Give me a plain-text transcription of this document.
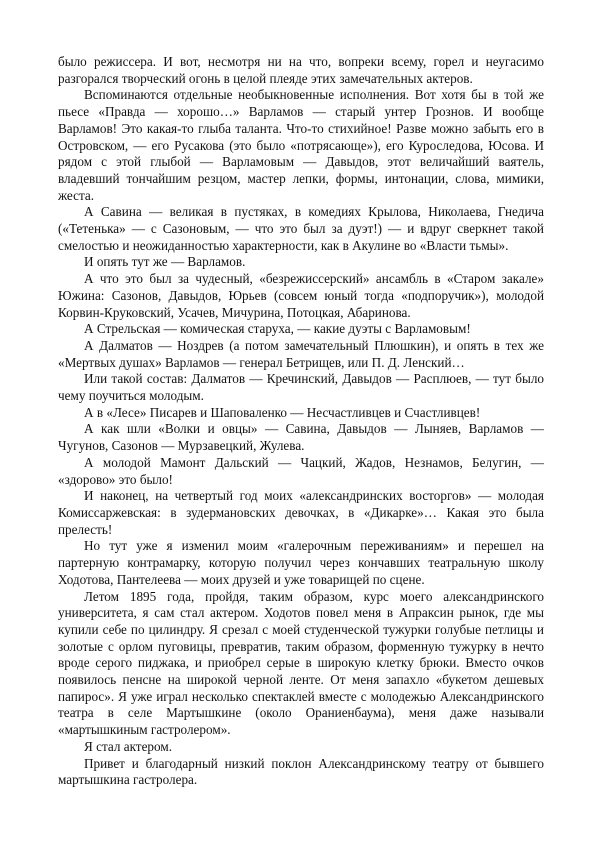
было режиссера. И вот, несмотря ни на что, вопреки всему, горел и неугасимо разгорался творческий огонь в целой плеяде этих замечательных актеров.

Вспоминаются отдельные необыкновенные исполнения. Вот хотя бы в той же пьесе «Правда — хорошо…» Варламов — старый унтер Грознов. И вообще Варламов! Это какая-то глыба таланта. Что-то стихийное! Разве можно забыть его в Островском, — его Русакова (это было «потрясающе»), его Куроследова, Юсова. И рядом с этой глыбой — Варламовым — Давыдов, этот величайший ваятель, владевший тончайшим резцом, мастер лепки, формы, интонации, слова, мимики, жеста.

А Савина — великая в пустяках, в комедиях Крылова, Николаева, Гнедича («Тетенька» — с Сазоновым, — что это был за дуэт!) — и вдруг сверкнет такой смелостью и неожиданностью характерности, как в Акулине во «Власти тьмы».

И опять тут же — Варламов.

А что это был за чудесный, «безрежиссерский» ансамбль в «Старом закале» Южина: Сазонов, Давыдов, Юрьев (совсем юный тогда «подпоручик»), молодой Корвин-Круковский, Усачев, Мичурина, Потоцкая, Абаринова.

А Стрельская — комическая старуха, — какие дуэты с Варламовым!

А Далматов — Ноздрев (а потом замечательный Плюшкин), и опять в тех же «Мертвых душах» Варламов — генерал Бетрищев, или П. Д. Ленский…

Или такой состав: Далматов — Кречинский, Давыдов — Расплюев, — тут было чему поучиться молодым.

А в «Лесе» Писарев и Шаповаленко — Несчастливцев и Счастливцев!

А как шли «Волки и овцы» — Савина, Давыдов — Лыняев, Варламов — Чугунов, Сазонов — Мурзавецкий, Жулева.

А молодой Мамонт Дальский — Чацкий, Жадов, Незнамов, Белугин, — «здорово» это было!

И наконец, на четвертый год моих «александринских восторгов» — молодая Комиссаржевская: в зудермановских девочках, в «Дикарке»… Какая это была прелесть!

Но тут уже я изменил моим «галерочным переживаниям» и перешел на партерную контрамарку, которую получил через кончавших театральную школу Ходотова, Пантелеева — моих друзей и уже товарищей по сцене.

Летом 1895 года, пройдя, таким образом, курс моего александринского университета, я сам стал актером. Ходотов повел меня в Апраксин рынок, где мы купили себе по цилиндру. Я срезал с моей студенческой тужурки голубые петлицы и золотые с орлом пуговицы, превратив, таким образом, форменную тужурку в нечто вроде серого пиджака, и приобрел серые в широкую клетку брюки. Вместо очков появилось пенсне на широкой черной ленте. От меня запахло «букетом дешевых папирос». Я уже играл несколько спектаклей вместе с молодежью Александринского театра в селе Мартышкине (около Ораниенбаума), меня даже называли «мартышкиным гастролером».

Я стал актером.

Привет и благодарный низкий поклон Александринскому театру от бывшего мартышкина гастролера.
